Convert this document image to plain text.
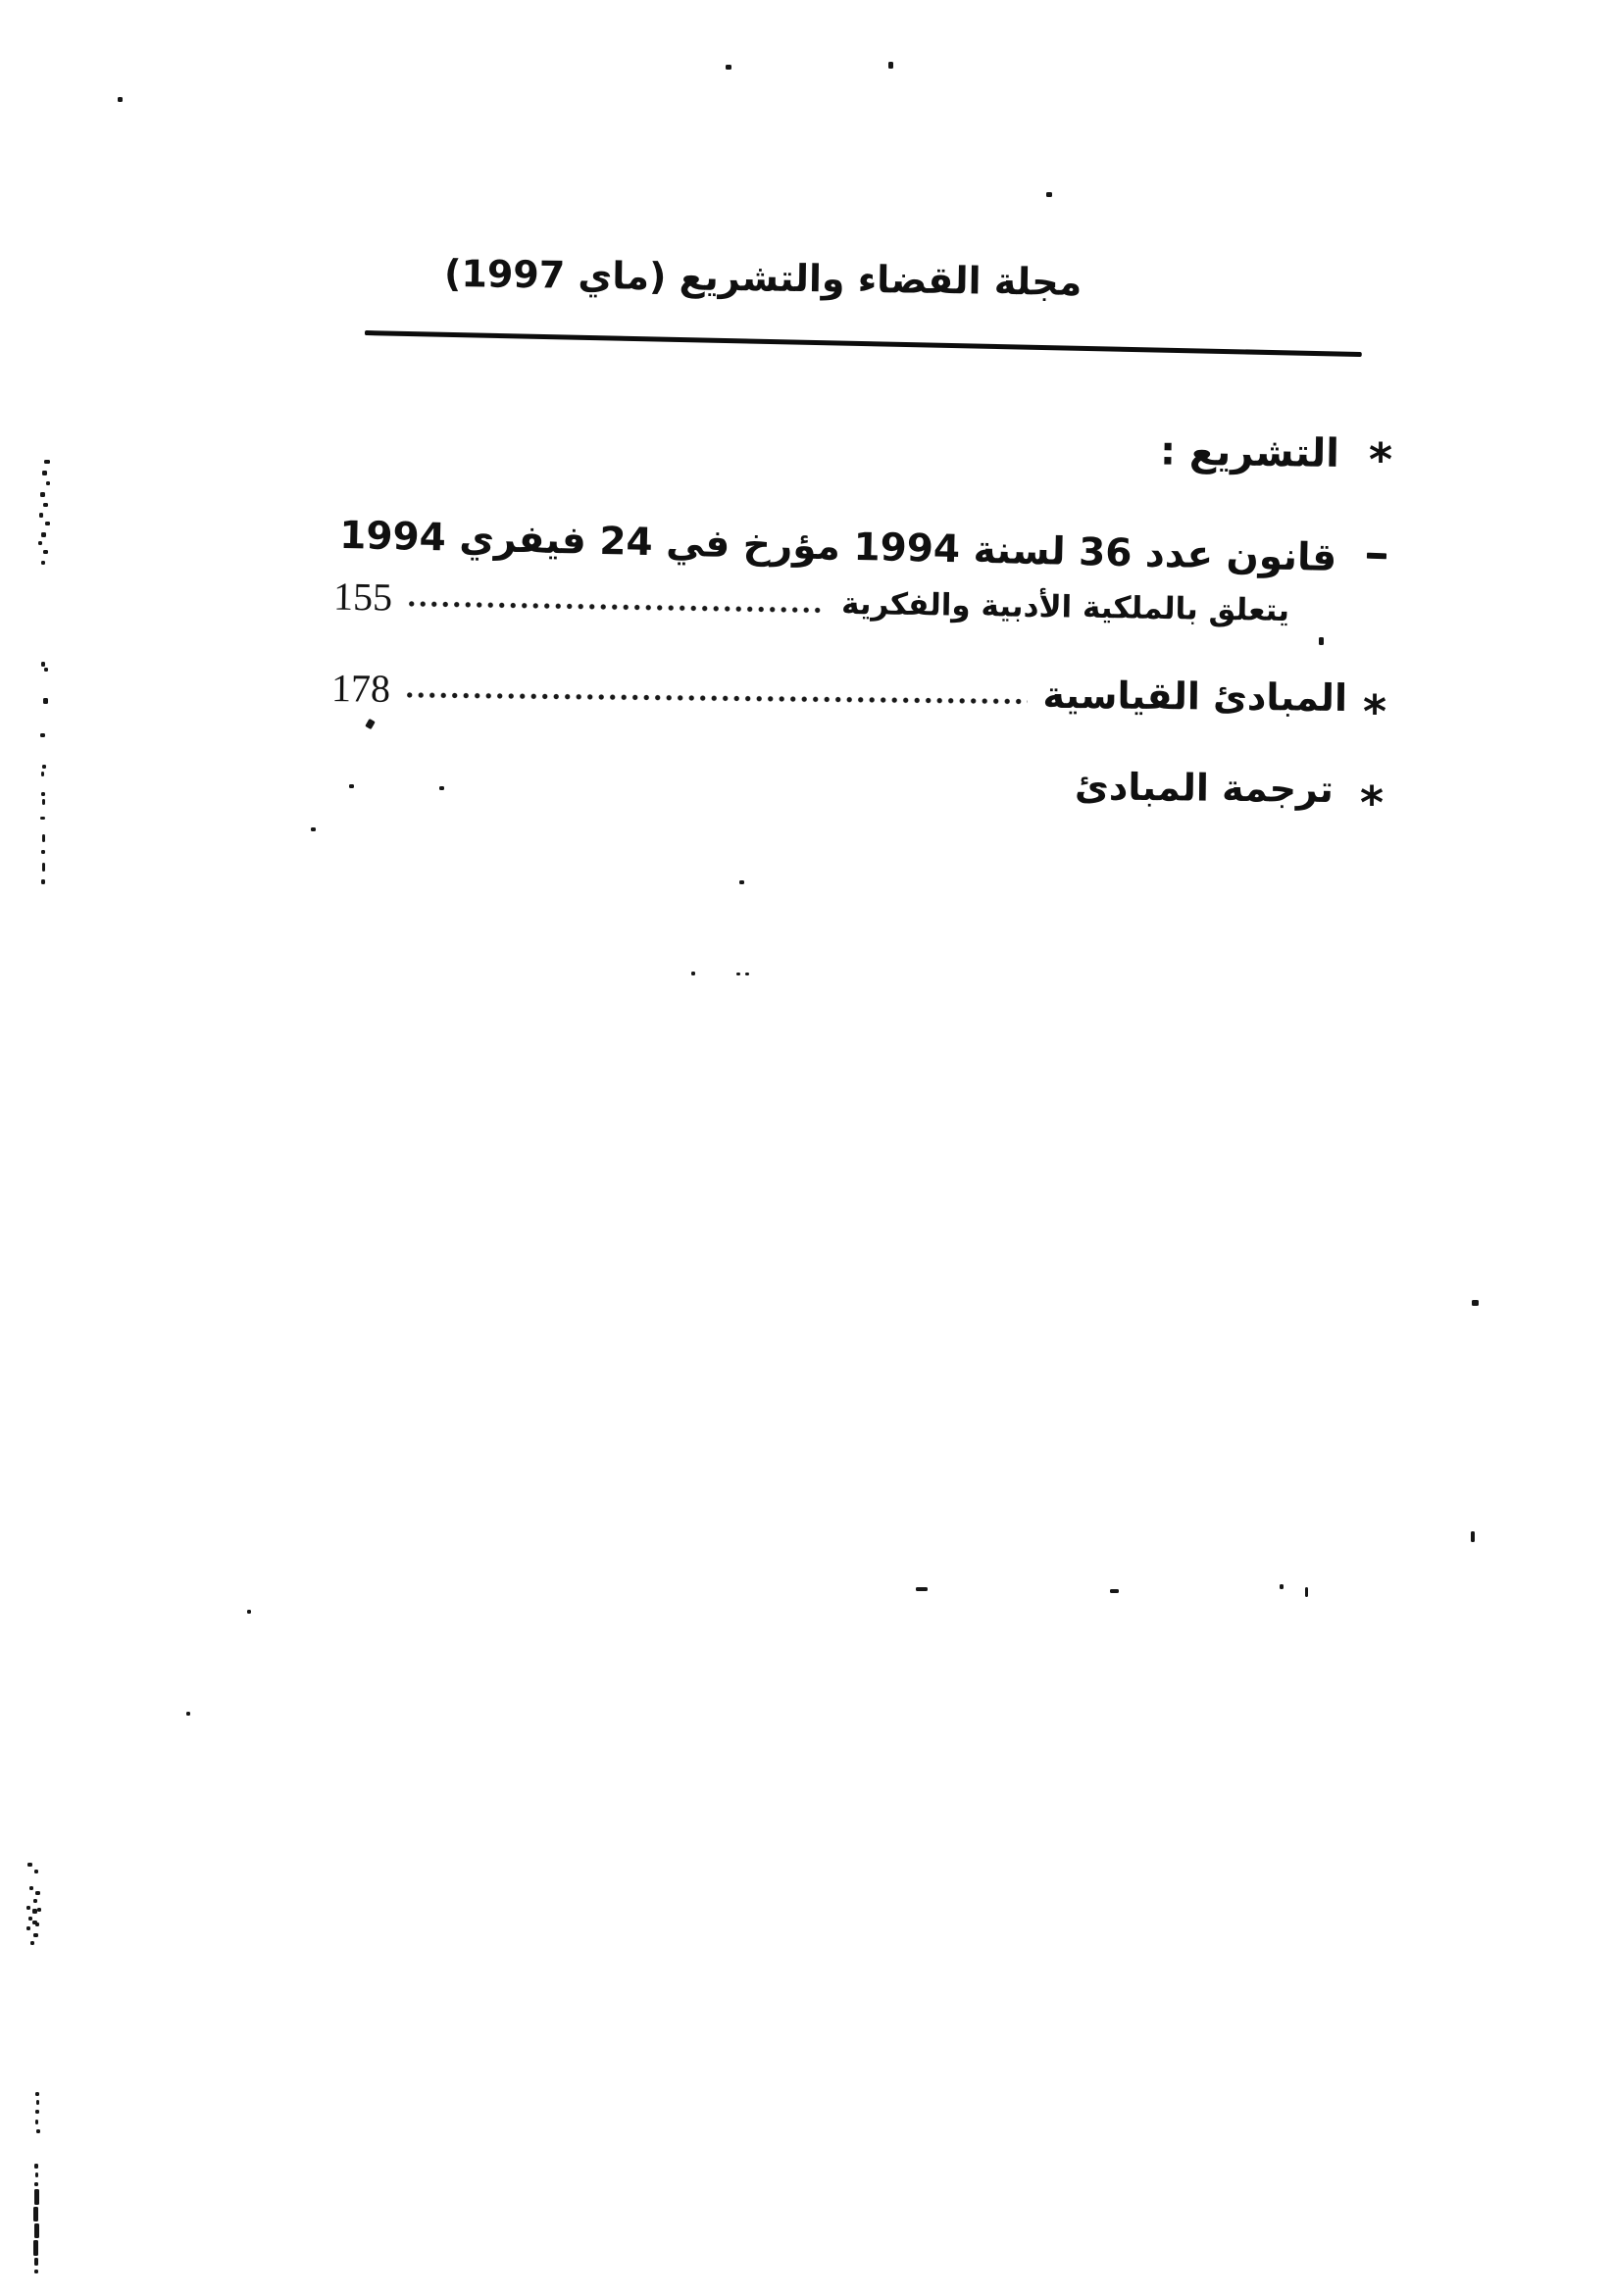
مجلة القضاء والتشريع (ماي 1997)
*
التشريع :
قانون عدد 36 لسنة 1994 مؤرخ في 24 فيفري 1994
يتعلق بالملكية الأدبية والفكرية
155
*
المبادئ القياسية
178
*
ترجمة المبادئ
